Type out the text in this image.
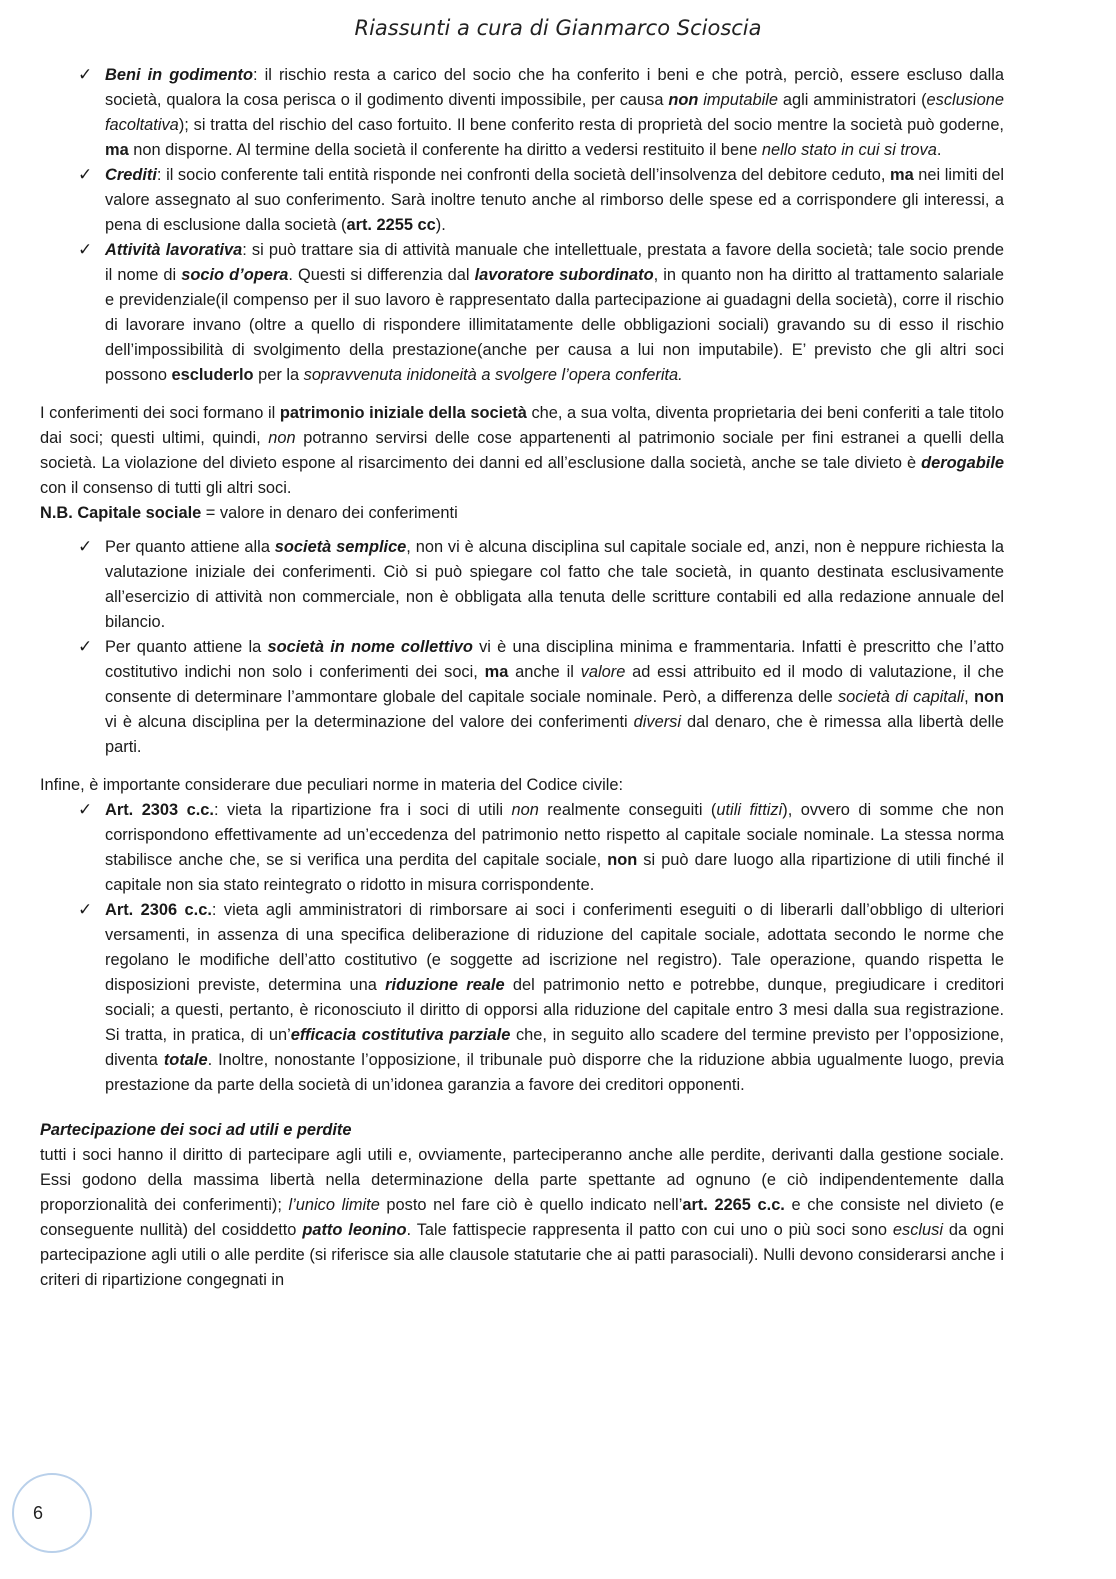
Riassunti a cura di Gianmarco Scioscia
✓ Beni in godimento: il rischio resta a carico del socio che ha conferito i beni e che potrà, perciò, essere escluso dalla società, qualora la cosa perisca o il godimento diventi impossibile, per causa non imputabile agli amministratori (esclusione facoltativa); si tratta del rischio del caso fortuito. Il bene conferito resta di proprietà del socio mentre la società può goderne, ma non disporne. Al termine della società il conferente ha diritto a vedersi restituito il bene nello stato in cui si trova.
✓ Crediti: il socio conferente tali entità risponde nei confronti della società dell’insolvenza del debitore ceduto, ma nei limiti del valore assegnato al suo conferimento. Sarà inoltre tenuto anche al rimborso delle spese ed a corrispondere gli interessi, a pena di esclusione dalla società (art. 2255 cc).
✓ Attività lavorativa: si può trattare sia di attività manuale che intellettuale, prestata a favore della società; tale socio prende il nome di socio d’opera. Questi si differenzia dal lavoratore subordinato, in quanto non ha diritto al trattamento salariale e previdenziale(il compenso per il suo lavoro è rappresentato dalla partecipazione ai guadagni della società), corre il rischio di lavorare invano (oltre a quello di rispondere illimitatamente delle obbligazioni sociali) gravando su di esso il rischio dell’impossibilità di svolgimento della prestazione(anche per causa a lui non imputabile). E’ previsto che gli altri soci possono escluderlo per la sopravvenuta inidoneità a svolgere l’opera conferita.

I conferimenti dei soci formano il patrimonio iniziale della società che, a sua volta, diventa proprietaria dei beni conferiti a tale titolo dai soci; questi ultimi, quindi, non potranno servirsi delle cose appartenenti al patrimonio sociale per fini estranei a quelli della società. La violazione del divieto espone al risarcimento dei danni ed all’esclusione dalla società, anche se tale divieto è derogabile con il consenso di tutti gli altri soci.

N.B. Capitale sociale = valore in denaro dei conferimenti

✓ Per quanto attiene alla società semplice, non vi è alcuna disciplina sul capitale sociale ed, anzi, non è neppure richiesta la valutazione iniziale dei conferimenti. Ciò si può spiegare col fatto che tale società, in quanto destinata esclusivamente all’esercizio di attività non commerciale, non è obbligata alla tenuta delle scritture contabili ed alla redazione annuale del bilancio.
✓ Per quanto attiene la società in nome collettivo vi è una disciplina minima e frammentaria. Infatti è prescritto che l’atto costitutivo indichi non solo i conferimenti dei soci, ma anche il valore ad essi attribuito ed il modo di valutazione, il che consente di determinare l’ammontare globale del capitale sociale nominale. Però, a differenza delle società di capitali, non vi è alcuna disciplina per la determinazione del valore dei conferimenti diversi dal denaro, che è rimessa alla libertà delle parti.

Infine, è importante considerare due peculiari norme in materia del Codice civile:

✓ Art. 2303 c.c.: vieta la ripartizione fra i soci di utili non realmente conseguiti (utili fittizi), ovvero di somme che non corrispondono effettivamente ad un’eccedenza del patrimonio netto rispetto al capitale sociale nominale. La stessa norma stabilisce anche che, se si verifica una perdita del capitale sociale, non si può dare luogo alla ripartizione di utili finché il capitale non sia stato reintegrato o ridotto in misura corrispondente.
✓ Art. 2306 c.c.: vieta agli amministratori di rimborsare ai soci i conferimenti eseguiti o di liberarli dall’obbligo di ulteriori versamenti, in assenza di una specifica deliberazione di riduzione del capitale sociale, adottata secondo le norme che regolano le modifiche dell’atto costitutivo (e soggette ad iscrizione nel registro). Tale operazione, quando rispetta le disposizioni previste, determina una riduzione reale del patrimonio netto e potrebbe, dunque, pregiudicare i creditori sociali; a questi, pertanto, è riconosciuto il diritto di opporsi alla riduzione del capitale entro 3 mesi dalla sua registrazione. Si tratta, in pratica, di un’efficacia costitutiva parziale che, in seguito allo scadere del termine previsto per l’opposizione, diventa totale. Inoltre, nonostante l’opposizione, il tribunale può disporre che la riduzione abbia ugualmente luogo, previa prestazione da parte della società di un’idonea garanzia a favore dei creditori opponenti.

Partecipazione dei soci ad utili e perdite

tutti i soci hanno il diritto di partecipare agli utili e, ovviamente, parteciperanno anche alle perdite, derivanti dalla gestione sociale. Essi godono della massima libertà nella determinazione della parte spettante ad ognuno (e ciò indipendentemente dalla proporzionalità dei conferimenti); l’unico limite posto nel fare ciò è quello indicato nell’art. 2265 c.c. e che consiste nel divieto (e conseguente nullità) del cosiddetto patto leonino. Tale fattispecie rappresenta il patto con cui uno o più soci sono esclusi da ogni partecipazione agli utili o alle perdite (si riferisce sia alle clausole statutarie che ai patti parasociali). Nulli devono considerarsi anche i criteri di ripartizione congegnati in

6
